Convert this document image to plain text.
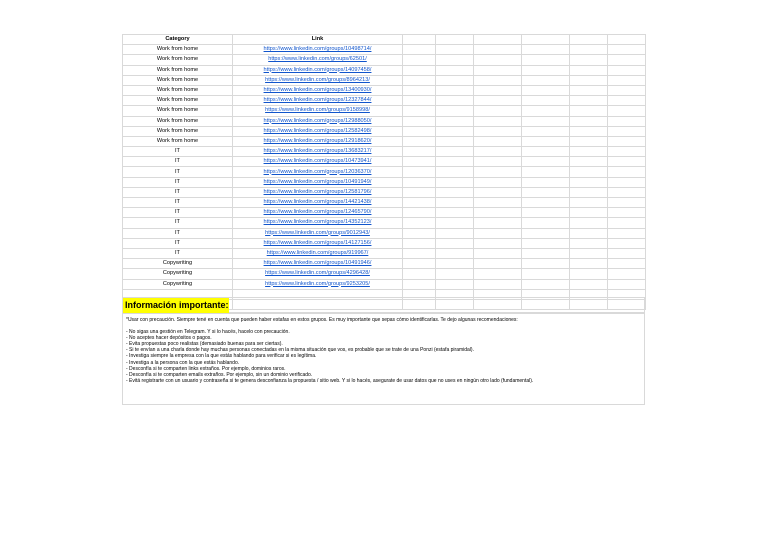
Category	Link						
Work from home	https://www.linkedin.com/groups/10498714/						
Work from home	https://www.linkedin.com/groups/62501/						
Work from home	https://www.linkedin.com/groups/14097458/						
Work from home	https://www.linkedin.com/groups/8964213/						
Work from home	https://www.linkedin.com/groups/13400930/						
Work from home	https://www.linkedin.com/groups/12327844/						
Work from home	https://www.linkedin.com/groups/9158998/						
Work from home	https://www.linkedin.com/groups/12988050/						
Work from home	https://www.linkedin.com/groups/12582498/						
Work from home	https://www.linkedin.com/groups/12918620/						
IT	https://www.linkedin.com/groups/13683217/						
IT	https://www.linkedin.com/groups/10473941/						
IT	https://www.linkedin.com/groups/12036370/						
IT	https://www.linkedin.com/groups/10491949/						
IT	https://www.linkedin.com/groups/12581796/						
IT	https://www.linkedin.com/groups/14421438/						
IT	https://www.linkedin.com/groups/12465790/						
IT	https://www.linkedin.com/groups/14352123/						
IT	https://www.linkedin.com/groups/9012943/						
IT	https://www.linkedin.com/groups/14127156/						
IT	https://www.linkedin.com/groups/919967/						
Copywriting	https://www.linkedin.com/groups/10491946/						
Copywriting	https://www.linkedin.com/groups/4296428/						
Copywriting	https://www.linkedin.com/groups/9253205/						

Información importante:

*Usar con precaución. Siempre tené en cuenta que pueden haber estafas en estos grupos. Es muy importante que sepas cómo identificarlas. Te dejo algunas recomendaciones:

- No sigas una gestión en Telegram. Y si lo hacés, hacelo con precaución.

- No aceptes hacer depósitos o pagos.

- Evita propuestas poco realistas (demasiado buenas para ser ciertas).

- Si te envían a una charla donde hay muchas personas conectadas en la misma situación que vos, es probable que se trate de una Ponzi (estafa piramidal).

- Investiga siempre la empresa con la que estás hablando para verificar si es legítima.

- Investiga a la persona con la que estás hablando.

- Desconfía si te comparten links extraños. Por ejemplo, dominios raros.

- Desconfía si te comparten emails extraños. Por ejemplo, sin un dominio verificado.

- Evitá registrarte con un usuario y contraseña si te genera desconfianza la propuesta / sitio web. Y si lo hacés, asegurate de usar datos que no uses en ningún otro lado (fundamental).
